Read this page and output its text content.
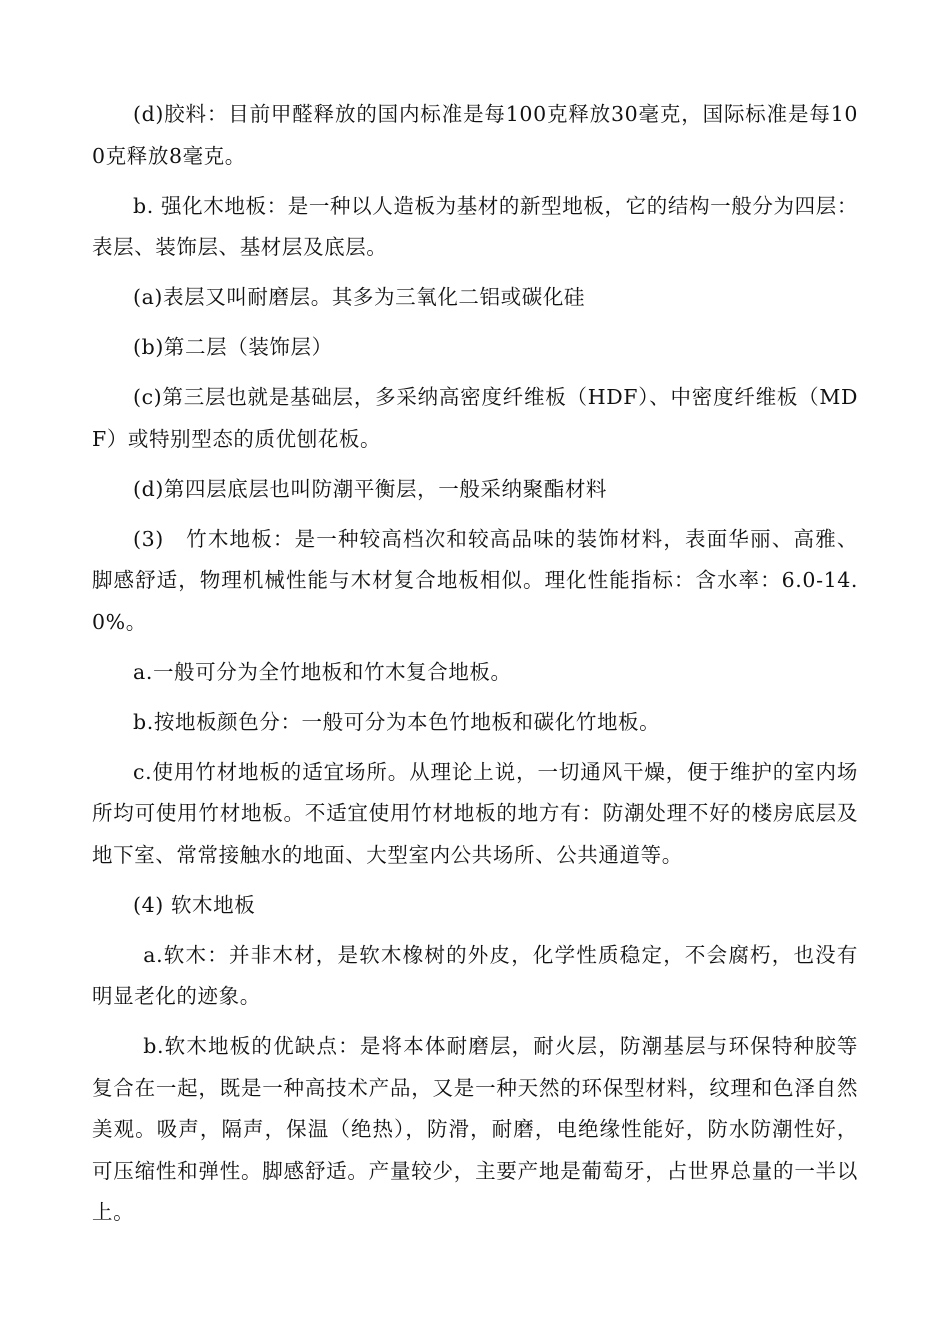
(d)胶料：目前甲醛释放的国内标准是每100克释放30毫克，国际标准是每100克释放8毫克。

b. 强化木地板：是一种以人造板为基材的新型地板，它的结构一般分为四层：表层、装饰层、基材层及底层。

(a)表层又叫耐磨层。其多为三氧化二铝或碳化硅

(b)第二层（装饰层）

(c)第三层也就是基础层，多采纳高密度纤维板（HDF）、中密度纤维板（MDF）或特别型态的质优刨花板。

(d)第四层底层也叫防潮平衡层，一般采纳聚酯材料

(3)　竹木地板：是一种较高档次和较高品味的装饰材料，表面华丽、高雅、脚感舒适，物理机械性能与木材复合地板相似。理化性能指标：含水率：6.0-14.0%。

a.一般可分为全竹地板和竹木复合地板。

b.按地板颜色分：一般可分为本色竹地板和碳化竹地板。

c.使用竹材地板的适宜场所。从理论上说，一切通风干燥，便于维护的室内场所均可使用竹材地板。不适宜使用竹材地板的地方有：防潮处理不好的楼房底层及地下室、常常接触水的地面、大型室内公共场所、公共通道等。

(4) 软木地板

a.软木：并非木材，是软木橡树的外皮，化学性质稳定，不会腐朽，也没有明显老化的迹象。

b.软木地板的优缺点：是将本体耐磨层，耐火层，防潮基层与环保特种胶等复合在一起，既是一种高技术产品，又是一种天然的环保型材料，纹理和色泽自然美观。吸声，隔声，保温（绝热），防滑，耐磨，电绝缘性能好，防水防潮性好，可压缩性和弹性。脚感舒适。产量较少，主要产地是葡萄牙，占世界总量的一半以上。
